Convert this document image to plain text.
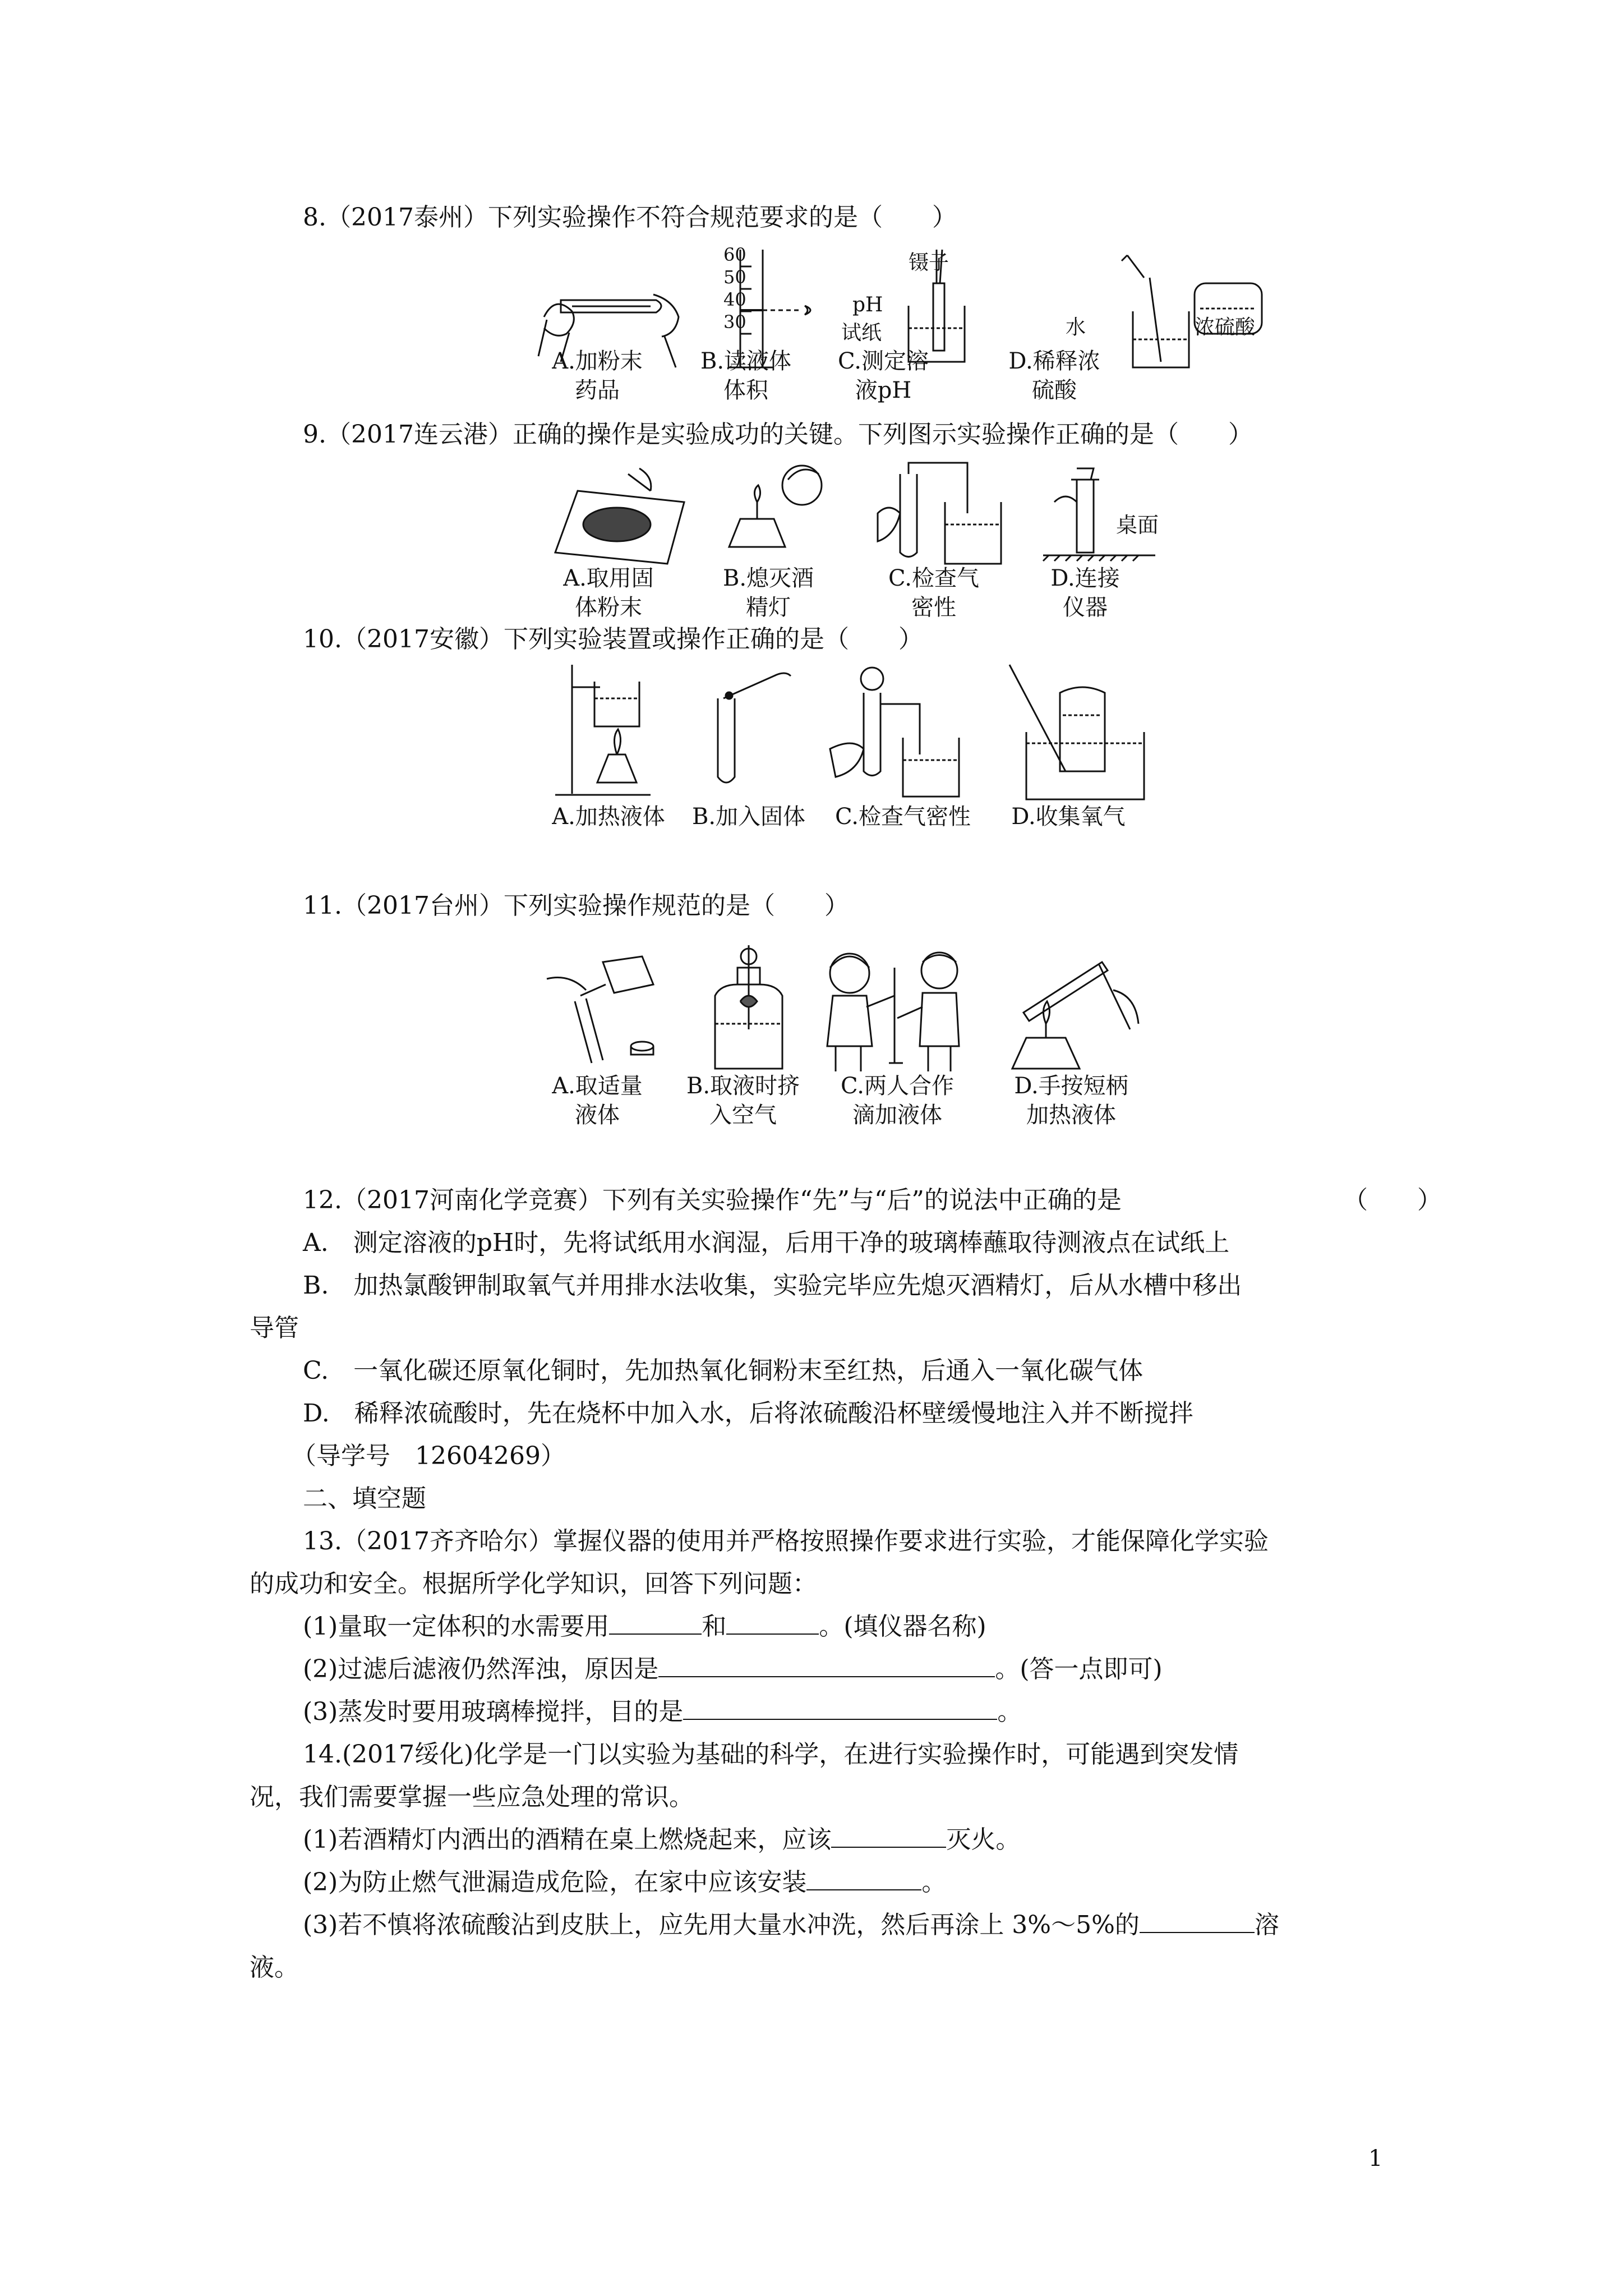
8.（2017泰州）下列实验操作不符合规范要求的是（　　）
60
50
40
30
镊子
pH
试纸	水	浓硫酸
A.加粉末
药品
B.读液体
体积
C.测定溶
液pH
D.稀释浓
硫酸
9.（2017连云港）正确的操作是实验成功的关键。下列图示实验操作正确的是（　　）
桌面
A.取用固
体粉末
B.熄灭酒
精灯
C.检查气
密性
D.连接
仪器
10.（2017安徽）下列实验装置或操作正确的是（　　）
A.加热液体	B.加入固体	C.检查气密性	D.收集氧气
11.（2017台州）下列实验操作规范的是（　　）
A.取适量
液体
B.取液时挤
入空气
C.两人合作
滴加液体
D.手按短柄
加热液体
12.（2017河南化学竞赛）下列有关实验操作“先”与“后”的说法中正确的是	（　　）
A.　测定溶液的pH时，先将试纸用水润湿，后用干净的玻璃棒蘸取待测液点在试纸上
B.　加热氯酸钾制取氧气并用排水法收集，实验完毕应先熄灭酒精灯，后从水槽中移出
导管
C.　一氧化碳还原氧化铜时，先加热氧化铜粉末至红热，后通入一氧化碳气体
D.　稀释浓硫酸时，先在烧杯中加入水，后将浓硫酸沿杯壁缓慢地注入并不断搅拌
（导学号　12604269）
二、填空题
13.（2017齐齐哈尔）掌握仪器的使用并严格按照操作要求进行实验，才能保障化学实验
的成功和安全。根据所学化学知识，回答下列问题：
(1)量取一定体积的水需要用	和	。(填仪器名称)
(2)过滤后滤液仍然浑浊，原因是	。(答一点即可)
(3)蒸发时要用玻璃棒搅拌，目的是	。
14.(2017绥化)化学是一门以实验为基础的科学，在进行实验操作时，可能遇到突发情
况，我们需要掌握一些应急处理的常识。
(1)若酒精灯内洒出的酒精在桌上燃烧起来，应该	灭火。
(2)为防止燃气泄漏造成危险，在家中应该安装	。
(3)若不慎将浓硫酸沾到皮肤上，应先用大量水冲洗，然后再涂上 3%～5%的	溶
液。
1
